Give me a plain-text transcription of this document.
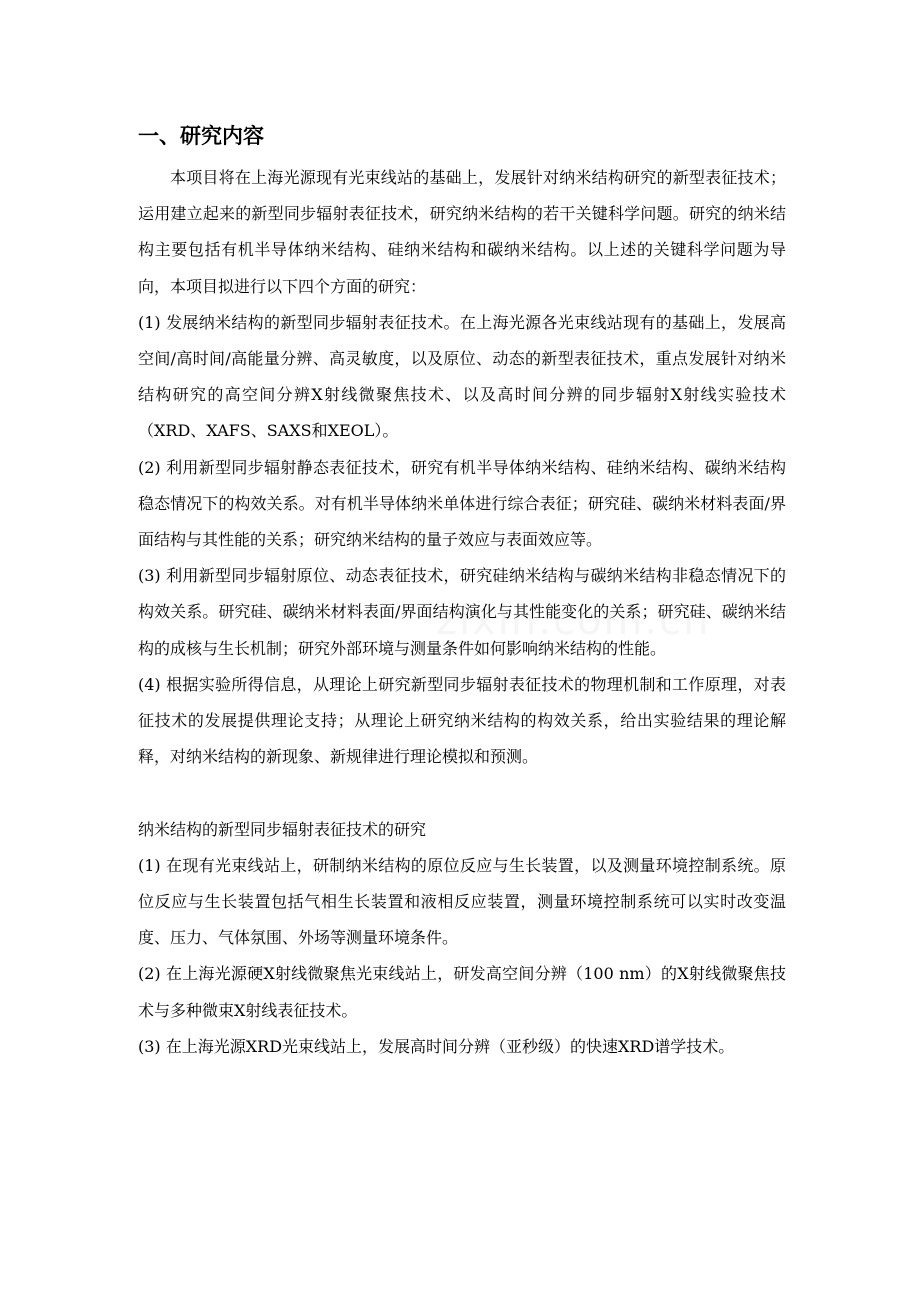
一、研究内容

本项目将在上海光源现有光束线站的基础上，发展针对纳米结构研究的新型表征技术；运用建立起来的新型同步辐射表征技术，研究纳米结构的若干关键科学问题。研究的纳米结构主要包括有机半导体纳米结构、硅纳米结构和碳纳米结构。以上述的关键科学问题为导向，本项目拟进行以下四个方面的研究：

(1) 发展纳米结构的新型同步辐射表征技术。在上海光源各光束线站现有的基础上，发展高空间/高时间/高能量分辨、高灵敏度，以及原位、动态的新型表征技术，重点发展针对纳米结构研究的高空间分辨X射线微聚焦技术、以及高时间分辨的同步辐射X射线实验技术（XRD、XAFS、SAXS和XEOL）。

(2) 利用新型同步辐射静态表征技术，研究有机半导体纳米结构、硅纳米结构、碳纳米结构稳态情况下的构效关系。对有机半导体纳米单体进行综合表征；研究硅、碳纳米材料表面/界面结构与其性能的关系；研究纳米结构的量子效应与表面效应等。

(3) 利用新型同步辐射原位、动态表征技术，研究硅纳米结构与碳纳米结构非稳态情况下的构效关系。研究硅、碳纳米材料表面/界面结构演化与其性能变化的关系；研究硅、碳纳米结构的成核与生长机制；研究外部环境与测量条件如何影响纳米结构的性能。

(4) 根据实验所得信息，从理论上研究新型同步辐射表征技术的物理机制和工作原理，对表征技术的发展提供理论支持；从理论上研究纳米结构的构效关系，给出实验结果的理论解释，对纳米结构的新现象、新规律进行理论模拟和预测。

纳米结构的新型同步辐射表征技术的研究

(1) 在现有光束线站上，研制纳米结构的原位反应与生长装置，以及测量环境控制系统。原位反应与生长装置包括气相生长装置和液相反应装置，测量环境控制系统可以实时改变温度、压力、气体氛围、外场等测量环境条件。

(2) 在上海光源硬X射线微聚焦光束线站上，研发高空间分辨（100 nm）的X射线微聚焦技术与多种微束X射线表征技术。

(3) 在上海光源XRD光束线站上，发展高时间分辨（亚秒级）的快速XRD谱学技术。
